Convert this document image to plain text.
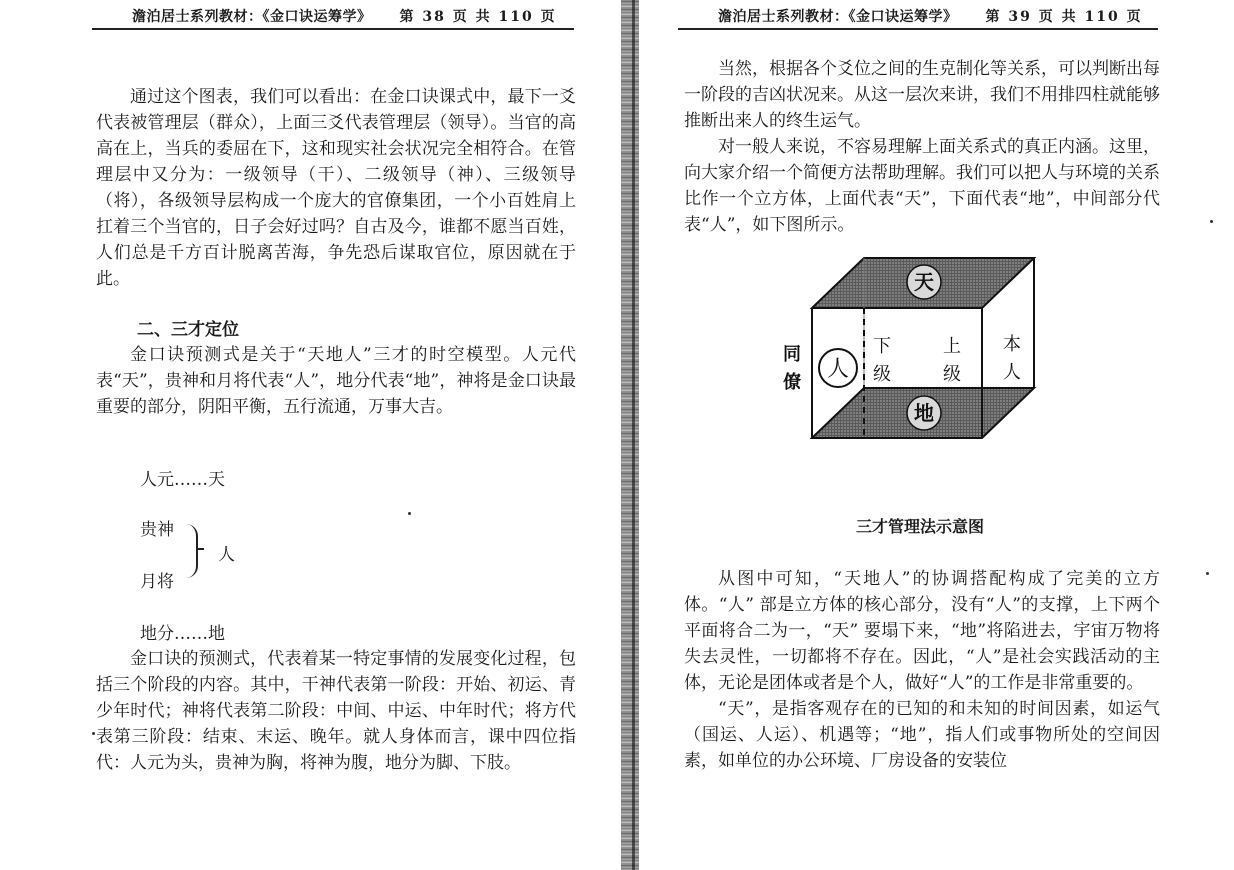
澹泊居士系列教材：《金口诀运筹学》 第 38 页 共 110 页

通过这个图表，我们可以看出：在金口诀课式中，最下一爻代表被管理层（群众），上面三爻代表管理层（领导）。当官的高高在上，当兵的委屈在下，这和现实社会状况完全相符合。在管理层中又分为：一级领导（干）、二级领导（神）、三级领导（将），各级领导层构成一个庞大的官僚集团，一个小百姓肩上扛着三个当官的，日子会好过吗？自古及今，谁都不愿当百姓，人们总是千方百计脱离苦海，争先恐后谋取官位，原因就在于此。

二、三才定位

金口诀预测式是关于“天地人”三才的时空模型。人元代表“天”，贵神和月将代表“人”，地分代表“地”，神将是金口诀最重要的部分，阴阳平衡，五行流通，万事大吉。

人元……天
贵神
人
月将
地分……地

金口诀的预测式，代表着某一特定事情的发展变化过程，包括三个阶段的内容。其中，干神代表第一阶段：开始、初运、青少年时代；神将代表第二阶段：中间、中运、中年时代；将方代表第三阶段：结束、末运、晚年。就人身体而言，课中四位指代：人元为头，贵神为胸，将神为腹，地分为脚、下肢。

澹泊居士系列教材：《金口诀运筹学》 第 39 页 共 110 页

当然，根据各个爻位之间的生克制化等关系，可以判断出每一阶段的吉凶状况来。从这一层次来讲，我们不用排四柱就能够推断出来人的终生运气。

对一般人来说，不容易理解上面关系式的真正内涵。这里，向大家介绍一个简便方法帮助理解。我们可以把人与环境的关系比作一个立方体，上面代表“天”，下面代表“地”，中间部分代表“人”，如下图所示。

天
地
人
同
僚
下
级
上
级
本
人
三才管理法示意图

从图中可知，“天地人”的协调搭配构成了完美的立方体。“人” 部是立方体的核心部分，没有“人”的支撑，上下两个平面将合二为一，“天” 要塌下来，“地”将陷进去，宇宙万物将失去灵性，一切都将不存在。因此，“人”是社会实践活动的主体，无论是团体或者是个人，做好“人”的工作是非常重要的。

“天”，是指客观存在的已知的和未知的时间因素，如运气（国运、人运）、机遇等；“地”，指人们或事物所处的空间因素，如单位的办公环境、厂房设备的安装位
